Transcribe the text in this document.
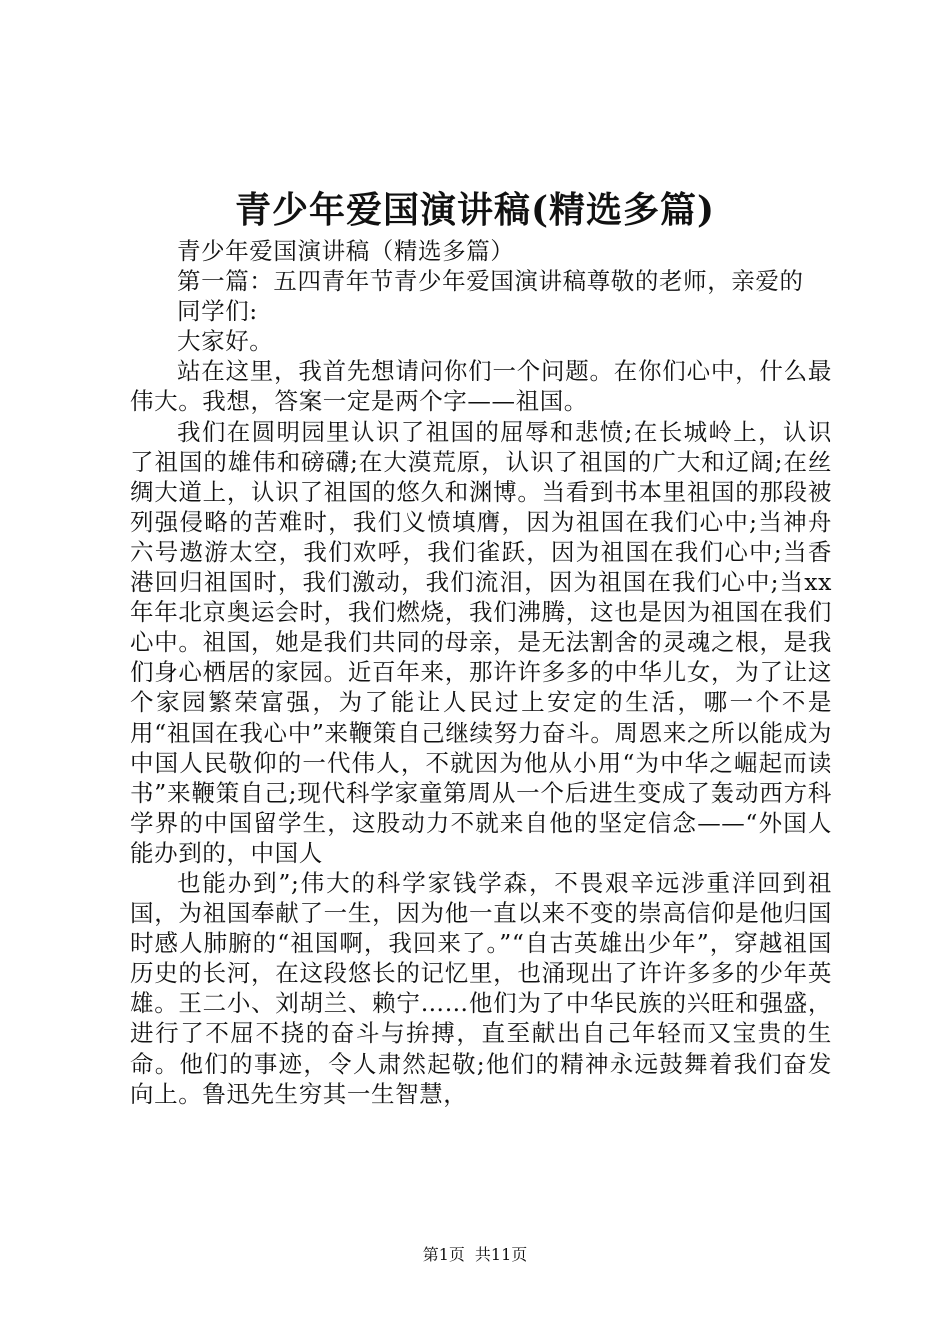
青少年爱国演讲稿(精选多篇)

青少年爱国演讲稿（精选多篇）

第一篇：五四青年节青少年爱国演讲稿尊敬的老师，亲爱的

同学们:

大家好。

站在这里，我首先想请问你们一个问题。在你们心中，什么最伟大。我想，答案一定是两个字——祖国。

我们在圆明园里认识了祖国的屈辱和悲愤;在长城岭上，认识了祖国的雄伟和磅礴;在大漠荒原，认识了祖国的广大和辽阔;在丝绸大道上，认识了祖国的悠久和渊博。当看到书本里祖国的那段被列强侵略的苦难时，我们义愤填膺，因为祖国在我们心中;当神舟六号遨游太空，我们欢呼，我们雀跃，因为祖国在我们心中;当香港回归祖国时，我们激动，我们流泪，因为祖国在我们心中;当xx年年北京奥运会时，我们燃烧，我们沸腾，这也是因为祖国在我们心中。祖国，她是我们共同的母亲，是无法割舍的灵魂之根，是我们身心栖居的家园。近百年来，那许许多多的中华儿女，为了让这个家园繁荣富强，为了能让人民过上安定的生活，哪一个不是用“祖国在我心中”来鞭策自己继续努力奋斗。周恩来之所以能成为中国人民敬仰的一代伟人，不就因为他从小用“为中华之崛起而读书”来鞭策自己;现代科学家童第周从一个后进生变成了轰动西方科学界的中国留学生，这股动力不就来自他的坚定信念——“外国人能办到的，中国人

也能办到”;伟大的科学家钱学森，不畏艰辛远涉重洋回到祖国，为祖国奉献了一生，因为他一直以来不变的崇高信仰是他归国时感人肺腑的“祖国啊，我回来了。”“自古英雄出少年”，穿越祖国历史的长河，在这段悠长的记忆里，也涌现出了许许多多的少年英雄。王二小、刘胡兰、赖宁……他们为了中华民族的兴旺和强盛，进行了不屈不挠的奋斗与拚搏，直至献出自己年轻而又宝贵的生命。他们的事迹，令人肃然起敬;他们的精神永远鼓舞着我们奋发向上。鲁迅先生穷其一生智慧，

第1页 共11页
